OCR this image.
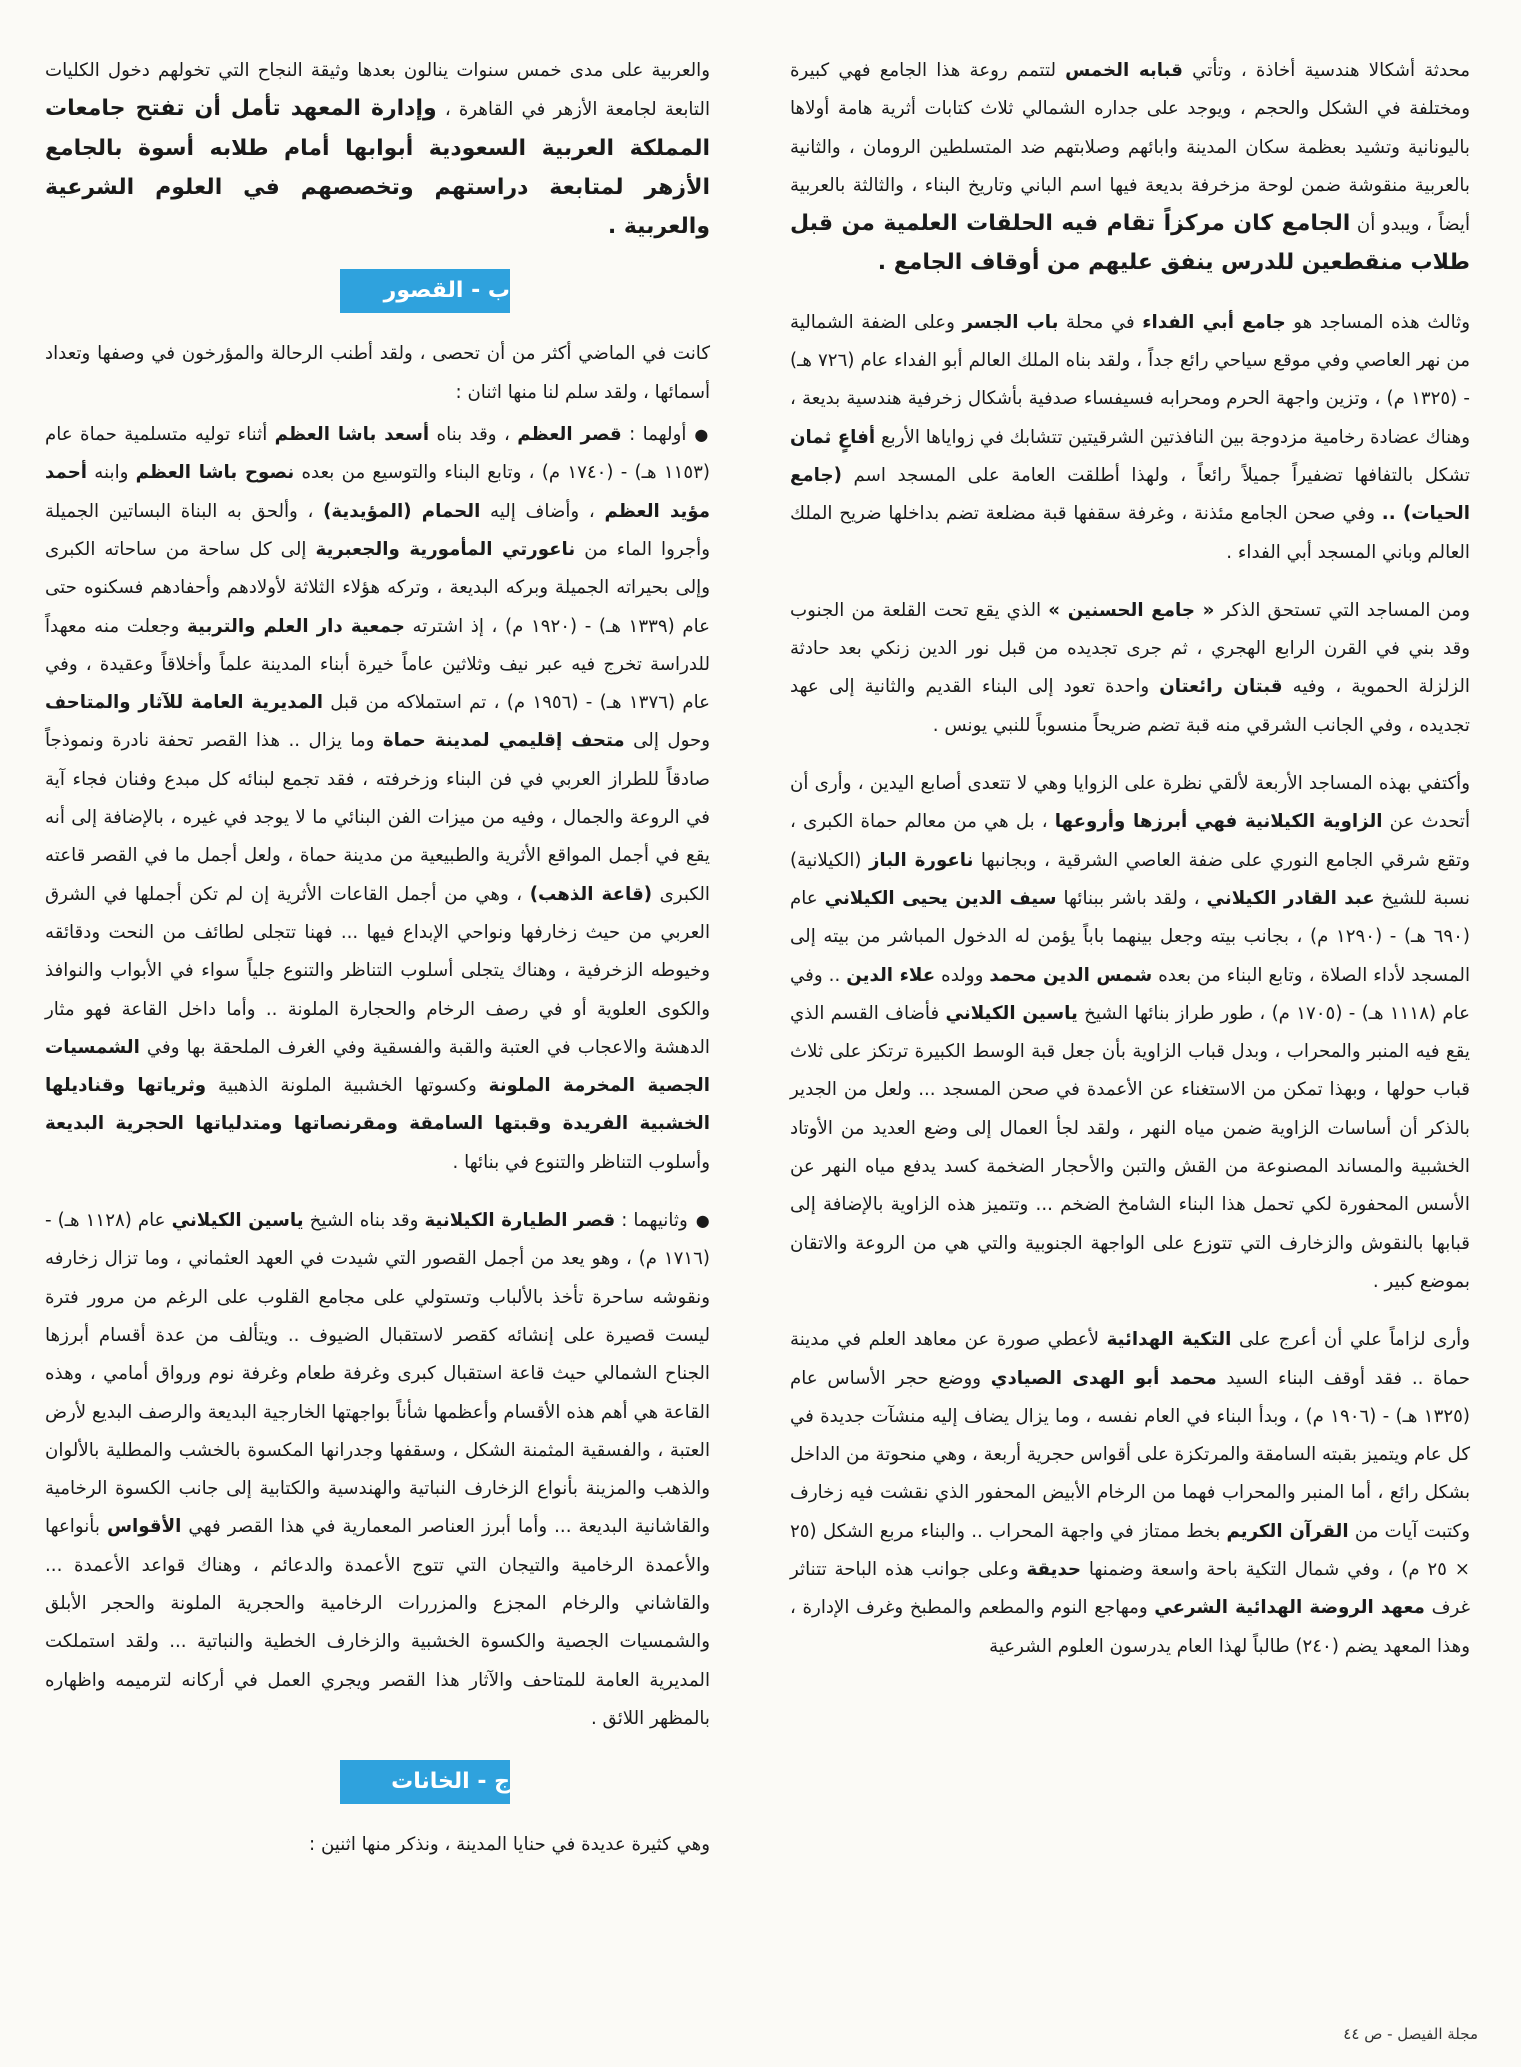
محدثة أشكالا هندسية أخاذة ، وتأتي قبابه الخمس لتتمم روعة هذا الجامع فهي كبيرة ومختلفة في الشكل والحجم ، ويوجد على جداره الشمالي ثلاث كتابات أثرية هامة أولاها باليونانية وتشيد بعظمة سكان المدينة وابائهم وصلابتهم ضد المتسلطين الرومان ، والثانية بالعربية منقوشة ضمن لوحة مزخرفة بديعة فيها اسم الباني وتاريخ البناء ، والثالثة بالعربية أيضاً ، ويبدو أن الجامع كان مركزاً تقام فيه الحلقات العلمية من قبل طلاب منقطعين للدرس ينفق عليهم من أوقاف الجامع .

وثالث هذه المساجد هو جامع أبي الفداء في محلة باب الجسر وعلى الضفة الشمالية من نهر العاصي وفي موقع سياحي رائع جداً ، ولقد بناه الملك العالم أبو الفداء عام (٧٢٦ هـ) - (١٣٢٥ م) ، وتزين واجهة الحرم ومحرابه فسيفساء صدفية بأشكال زخرفية هندسية بديعة ، وهناك عضادة رخامية مزدوجة بين النافذتين الشرقيتين تتشابك في زواياها الأربع أفاعٍ ثمان تشكل بالتفافها تضفيراً جميلاً رائعاً ، ولهذا أطلقت العامة على المسجد اسم (جامع الحيات) .. وفي صحن الجامع مئذنة ، وغرفة سقفها قبة مضلعة تضم بداخلها ضريح الملك العالم وباني المسجد أبي الفداء .

ومن المساجد التي تستحق الذكر « جامع الحسنين » الذي يقع تحت القلعة من الجنوب وقد بني في القرن الرابع الهجري ، ثم جرى تجديده من قبل نور الدين زنكي بعد حادثة الزلزلة الحموية ، وفيه قبتان رائعتان واحدة تعود إلى البناء القديم والثانية إلى عهد تجديده ، وفي الجانب الشرقي منه قبة تضم ضريحاً منسوباً للنبي يونس .

وأكتفي بهذه المساجد الأربعة لألقي نظرة على الزوايا وهي لا تتعدى أصابع اليدين ، وأرى أن أتحدث عن الزاوية الكيلانية فهي أبرزها وأروعها ، بل هي من معالم حماة الكبرى ، وتقع شرقي الجامع النوري على ضفة العاصي الشرقية ، وبجانبها ناعورة الباز (الكيلانية) نسبة للشيخ عبد القادر الكيلاني ، ولقد باشر ببنائها سيف الدين يحيى الكيلاني عام (٦٩٠ هـ) - (١٢٩٠ م) ، بجانب بيته وجعل بينهما باباً يؤمن له الدخول المباشر من بيته إلى المسجد لأداء الصلاة ، وتابع البناء من بعده شمس الدين محمد وولده علاء الدين .. وفي عام (١١١٨ هـ) - (١٧٠٥ م) ، طور طراز بنائها الشيخ ياسين الكيلاني فأضاف القسم الذي يقع فيه المنبر والمحراب ، وبدل قباب الزاوية بأن جعل قبة الوسط الكبيرة ترتكز على ثلاث قباب حولها ، وبهذا تمكن من الاستغناء عن الأعمدة في صحن المسجد ... ولعل من الجدير بالذكر أن أساسات الزاوية ضمن مياه النهر ، ولقد لجأ العمال إلى وضع العديد من الأوتاد الخشبية والمساند المصنوعة من القش والتبن والأحجار الضخمة كسد يدفع مياه النهر عن الأسس المحفورة لكي تحمل هذا البناء الشامخ الضخم ... وتتميز هذه الزاوية بالإضافة إلى قبابها بالنقوش والزخارف التي تتوزع على الواجهة الجنوبية والتي هي من الروعة والاتقان بموضع كبير .

وأرى لزاماً علي أن أعرج على التكية الهدائية لأعطي صورة عن معاهد العلم في مدينة حماة .. فقد أوقف البناء السيد محمد أبو الهدى الصيادي ووضع حجر الأساس عام (١٣٢٥ هـ) - (١٩٠٦ م) ، وبدأ البناء في العام نفسه ، وما يزال يضاف إليه منشآت جديدة في كل عام ويتميز بقبته السامقة والمرتكزة على أقواس حجرية أربعة ، وهي منحوتة من الداخل بشكل رائع ، أما المنبر والمحراب فهما من الرخام الأبيض المحفور الذي نقشت فيه زخارف وكتبت آيات من القرآن الكريم بخط ممتاز في واجهة المحراب .. والبناء مربع الشكل (٢٥ × ٢٥ م) ، وفي شمال التكية باحة واسعة وضمنها حديقة وعلى جوانب هذه الباحة تتناثر غرف معهد الروضة الهدائية الشرعي ومهاجع النوم والمطعم والمطبخ وغرف الإدارة ، وهذا المعهد يضم (٢٤٠) طالباً لهذا العام يدرسون العلوم الشرعية

والعربية على مدى خمس سنوات ينالون بعدها وثيقة النجاح التي تخولهم دخول الكليات التابعة لجامعة الأزهر في القاهرة ، وإدارة المعهد تأمل أن تفتح جامعات المملكة العربية السعودية أبوابها أمام طلابه أسوة بالجامع الأزهر لمتابعة دراستهم وتخصصهم في العلوم الشرعية والعربية .

ب - القصور

كانت في الماضي أكثر من أن تحصى ، ولقد أطنب الرحالة والمؤرخون في وصفها وتعداد أسمائها ، ولقد سلم لنا منها اثنان :

● أولهما : قصر العظم ، وقد بناه أسعد باشا العظم أثناء توليه متسلمية حماة عام (١١٥٣ هـ) - (١٧٤٠ م) ، وتابع البناء والتوسيع من بعده نصوح باشا العظم وابنه أحمد مؤيد العظم ، وأضاف إليه الحمام (المؤيدية) ، وألحق به البناة البساتين الجميلة وأجروا الماء من ناعورتي المأمورية والجعبرية إلى كل ساحة من ساحاته الكبرى وإلى بحيراته الجميلة وبركه البديعة ، وتركه هؤلاء الثلاثة لأولادهم وأحفادهم فسكنوه حتى عام (١٣٣٩ هـ) - (١٩٢٠ م) ، إذ اشترته جمعية دار العلم والتربية وجعلت منه معهداً للدراسة تخرج فيه عبر نيف وثلاثين عاماً خيرة أبناء المدينة علماً وأخلاقاً وعقيدة ، وفي عام (١٣٧٦ هـ) - (١٩٥٦ م) ، تم استملاكه من قبل المديرية العامة للآثار والمتاحف وحول إلى متحف إقليمي لمدينة حماة وما يزال .. هذا القصر تحفة نادرة ونموذجاً صادقاً للطراز العربي في فن البناء وزخرفته ، فقد تجمع لبنائه كل مبدع وفنان فجاء آية في الروعة والجمال ، وفيه من ميزات الفن البنائي ما لا يوجد في غيره ، بالإضافة إلى أنه يقع في أجمل المواقع الأثرية والطبيعية من مدينة حماة ، ولعل أجمل ما في القصر قاعته الكبرى (قاعة الذهب) ، وهي من أجمل القاعات الأثرية إن لم تكن أجملها في الشرق العربي من حيث زخارفها ونواحي الإبداع فيها ... فهنا تتجلى لطائف من النحت ودقائقه وخيوطه الزخرفية ، وهناك يتجلى أسلوب التناظر والتنوع جلياً سواء في الأبواب والنوافذ والكوى العلوية أو في رصف الرخام والحجارة الملونة .. وأما داخل القاعة فهو مثار الدهشة والاعجاب في العتبة والقبة والفسقية وفي الغرف الملحقة بها وفي الشمسيات الجصية المخرمة الملونة وكسوتها الخشبية الملونة الذهبية وثرياتها وقناديلها الخشبية الفريدة وقبتها السامقة ومقرنصاتها ومتدلياتها الحجرية البديعة وأسلوب التناظر والتنوع في بنائها .

● وثانيهما : قصر الطيارة الكيلانية وقد بناه الشيخ ياسين الكيلاني عام (١١٢٨ هـ) - (١٧١٦ م) ، وهو يعد من أجمل القصور التي شيدت في العهد العثماني ، وما تزال زخارفه ونقوشه ساحرة تأخذ بالألباب وتستولي على مجامع القلوب على الرغم من مرور فترة ليست قصيرة على إنشائه كقصر لاستقبال الضيوف .. ويتألف من عدة أقسام أبرزها الجناح الشمالي حيث قاعة استقبال كبرى وغرفة طعام وغرفة نوم ورواق أمامي ، وهذه القاعة هي أهم هذه الأقسام وأعظمها شأناً بواجهتها الخارجية البديعة والرصف البديع لأرض العتبة ، والفسقية المثمنة الشكل ، وسقفها وجدرانها المكسوة بالخشب والمطلية بالألوان والذهب والمزينة بأنواع الزخارف النباتية والهندسية والكتابية إلى جانب الكسوة الرخامية والقاشانية البديعة ... وأما أبرز العناصر المعمارية في هذا القصر فهي الأقواس بأنواعها والأعمدة الرخامية والتيجان التي تتوج الأعمدة والدعائم ، وهناك قواعد الأعمدة ... والقاشاني والرخام المجزع والمزررات الرخامية والحجرية الملونة والحجر الأبلق والشمسيات الجصية والكسوة الخشبية والزخارف الخطية والنباتية ... ولقد استملكت المديرية العامة للمتاحف والآثار هذا القصر ويجري العمل في أركانه لترميمه واظهاره بالمظهر اللائق .

ج - الخانات

وهي كثيرة عديدة في حنايا المدينة ، ونذكر منها اثنين :

مجلة الفيصل - ص ٤٤
